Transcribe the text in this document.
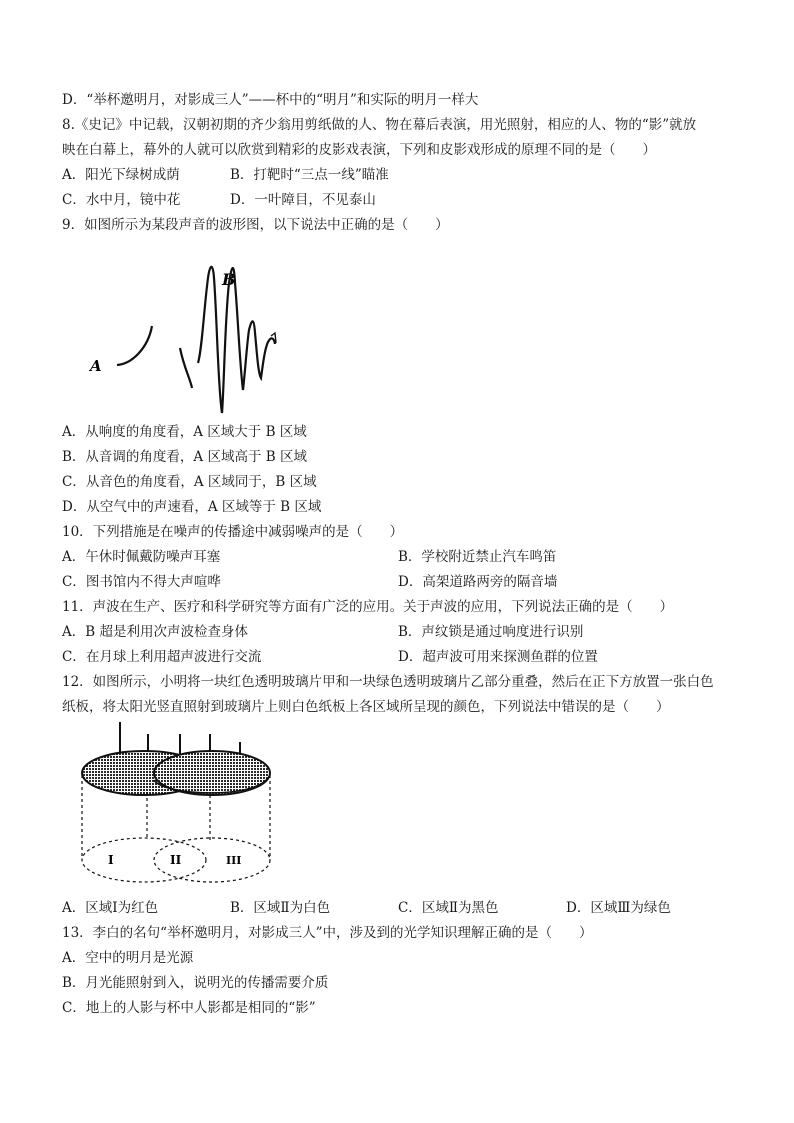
D．“举杯邀明月，对影成三人”——杯中的“明月”和实际的明月一样大
8.《史记》中记载，汉朝初期的齐少翁用剪纸做的人、物在幕后表演，用光照射，相应的人、物的“影”就放
映在白幕上，幕外的人就可以欣赏到精彩的皮影戏表演，下列和皮影戏形成的原理不同的是（　　）
A．阳光下绿树成荫	B．打靶时“三点一线”瞄准
C．水中月，镜中花	D．一叶障目，不见泰山
9．如图所示为某段声音的波形图，以下说法中正确的是（　　）
A
B
A．从响度的角度看，A 区域大于 B 区域
B．从音调的角度看，A 区域高于 B 区域
C．从音色的角度看，A 区域同于，B 区域
D．从空气中的声速看，A 区域等于 B 区域
10．下列措施是在噪声的传播途中减弱噪声的是（　　）
A．午休时佩戴防噪声耳塞	B．学校附近禁止汽车鸣笛
C．图书馆内不得大声喧哗	D．高架道路两旁的隔音墙
11．声波在生产、医疗和科学研究等方面有广泛的应用。关于声波的应用，下列说法正确的是（　　）
A．B 超是利用次声波检查身体	B．声纹锁是通过响度进行识别
C．在月球上利用超声波进行交流	D．超声波可用来探测鱼群的位置
12．如图所示，小明将一块红色透明玻璃片甲和一块绿色透明玻璃片乙部分重叠，然后在正下方放置一张白色
纸板，将太阳光竖直照射到玻璃片上则白色纸板上各区域所呈现的颜色，下列说法中错误的是（　　）
I	II	III
A．区域Ⅰ为红色	B．区域Ⅱ为白色	C．区域Ⅱ为黑色	D．区域Ⅲ为绿色
13．李白的名句“举杯邀明月，对影成三人”中，涉及到的光学知识理解正确的是（　　）
A．空中的明月是光源
B．月光能照射到入，说明光的传播需要介质
C．地上的人影与杯中人影都是相同的“影”
